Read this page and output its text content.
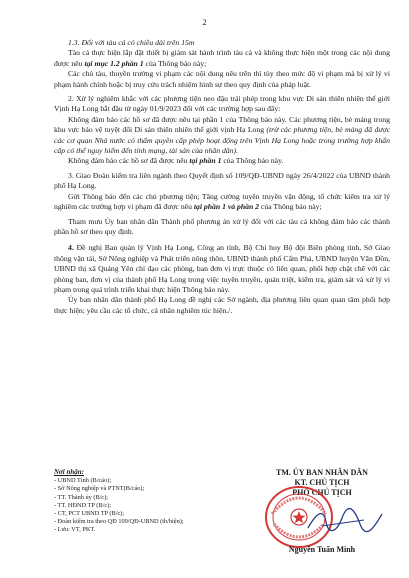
2

1.3. Đối với tàu cá có chiều dài trên 15m

Tàu cá thực hiện lắp đặt thiết bị giám sát hành trình tàu cá và không thực hiện một trong các nội dung được nêu tại mục 1.2 phần 1 của Thông báo này;

Các chủ tàu, thuyền trưởng vi phạm các nội dung nêu trên thì tùy theo mức độ vi phạm mà bị xử lý vi phạm hành chính hoặc bị truy cứu trách nhiệm hình sự theo quy định của pháp luật.

2. Xử lý nghiêm khắc với các phương tiện neo đậu trái phép trong khu vực Di sản thiên nhiên thế giới Vịnh Hạ Long bắt đầu từ ngày 01/9/2023 đối với các trường hợp sau đây:

Không đảm bảo các hồ sơ đã được nêu tại phần 1 của Thông báo này. Các phương tiện, bè mảng trong khu vực bảo vệ tuyệt đối Di sản thiên nhiên thế giới vịnh Hạ Long (trừ các phương tiện, bè mảng đã được các cơ quan Nhà nước có thẩm quyền cấp phép hoạt động trên Vịnh Hạ Long hoặc trong trường hợp khẩn cấp có thể nguy hiểm đến tính mạng, tài sản của nhân dân).

Không đảm bảo các hồ sơ đã được nêu tại phần 1 của Thông báo này.

3. Giao Đoàn kiểm tra liên ngành theo Quyết định số 109/QĐ-UBND ngày 26/4/2022 của UBND thành phố Hạ Long.

Gửi Thông báo đến các chủ phương tiện; Tăng cường tuyên truyền vận động, tổ chức kiểm tra xử lý nghiêm các trường hợp vi phạm đã được nêu tại phần 1 và phần 2 của Thông báo này;

Tham mưu Ủy ban nhân dân Thành phố phương án xử lý đối với các tàu cá không đảm bảo các thành phần hồ sơ theo quy định.

4. Đề nghị Ban quản lý Vịnh Hạ Long, Công an tỉnh, Bộ Chỉ huy Bộ đội Biên phòng tỉnh, Sở Giao thông vận tải, Sở Nông nghiệp và Phát triển nông thôn, UBND thành phố Cẩm Phả, UBND huyện Vân Đồn, UBND thị xã Quảng Yên chỉ đạo các phòng, ban đơn vị trực thuộc có liên quan, phối hợp chặt chẽ với các phòng ban, đơn vị của thành phố Hạ Long trong việc tuyên truyền, quán triệt, kiểm tra, giám sát và xử lý vi phạm trong quá trình triển khai thực hiện Thông báo này.

Ủy ban nhân dân thành phố Hạ Long đề nghị các Sở ngành, địa phương liên quan quan tâm phối hợp thực hiện; yêu cầu các tổ chức, cá nhân nghiêm túc hiện./.

Nơi nhận:
- UBND Tỉnh (B/cáo);
- Sở Nông nghiệp và PTNT(B/cáo);
- TT. Thành ủy (B/c);
- TT. HĐND TP (B/c);
- CT, PCT UBND TP (B/c);
- Đoàn kiểm tra theo QĐ 109/QĐ-UBND (th/hiện);
- Lưu: VT, PKT.
TM. ỦY BAN NHÂN DÂN
KT. CHỦ TỊCH
PHÓ CHỦ TỊCH
Nguyễn Tuấn Minh
